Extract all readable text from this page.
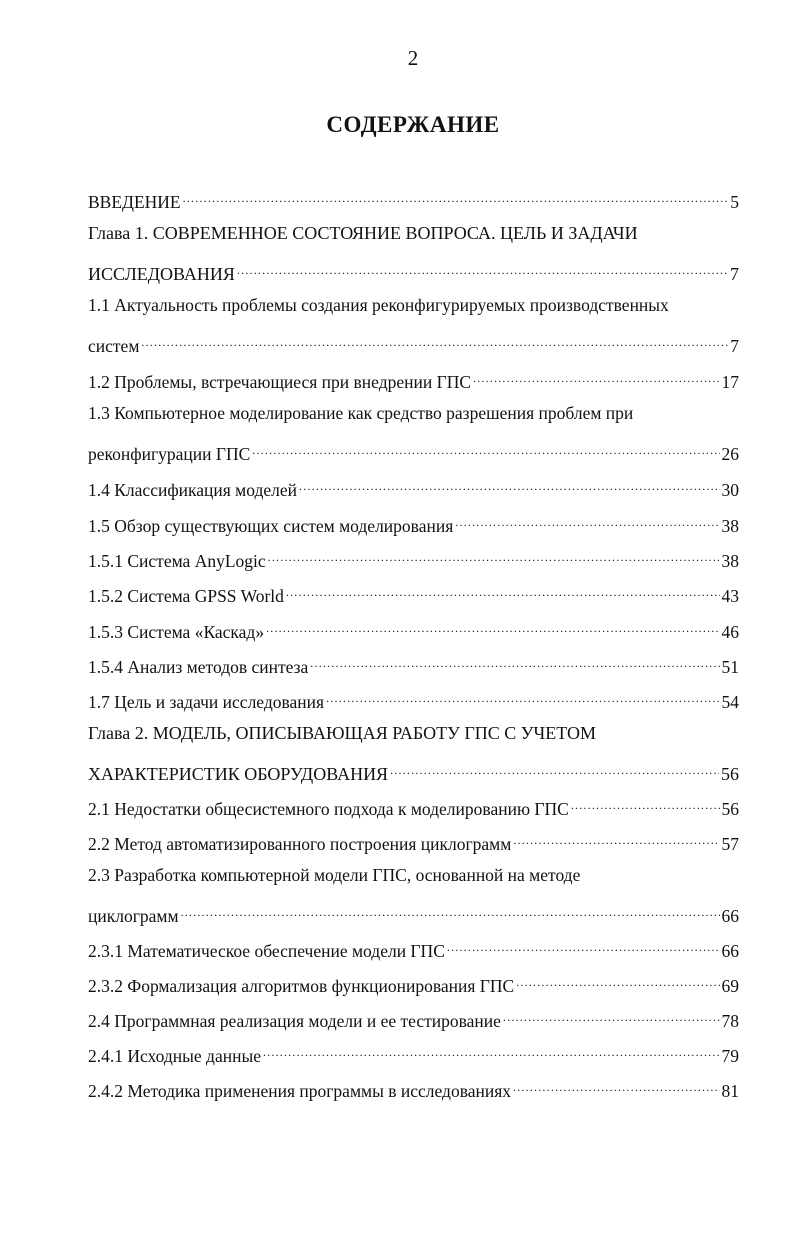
2
СОДЕРЖАНИЕ
ВВЕДЕНИЕ .....	5
Глава 1. СОВРЕМЕННОЕ СОСТОЯНИЕ ВОПРОСА. ЦЕЛЬ И ЗАДАЧИ
ИССЛЕДОВАНИЯ .....	7
1.1 Актуальность проблемы создания реконфигурируемых производственных
систем .....	7
1.2 Проблемы, встречающиеся при внедрении ГПС .....	17
1.3 Компьютерное моделирование как средство разрешения проблем при
реконфигурации ГПС .....	26
1.4 Классификация моделей .....	30
1.5 Обзор существующих систем моделирования .....	38
1.5.1 Система AnyLogic .....	38
1.5.2 Система GPSS World .....	43
1.5.3 Система «Каскад» .....	46
1.5.4 Анализ методов синтеза .....	51
1.7 Цель и задачи исследования .....	54
Глава 2. МОДЕЛЬ, ОПИСЫВАЮЩАЯ РАБОТУ ГПС С УЧЕТОМ
ХАРАКТЕРИСТИК ОБОРУДОВАНИЯ .....	56
2.1 Недостатки общесистемного подхода к моделированию ГПС .....	56
2.2 Метод автоматизированного построения циклограмм .....	57
2.3 Разработка компьютерной модели ГПС, основанной на методе
циклограмм .....	66
2.3.1 Математическое обеспечение модели ГПС .....	66
2.3.2 Формализация алгоритмов функционирования ГПС .....	69
2.4 Программная реализация модели и ее тестирование .....	78
2.4.1 Исходные данные .....	79
2.4.2 Методика применения программы в исследованиях .....	81
